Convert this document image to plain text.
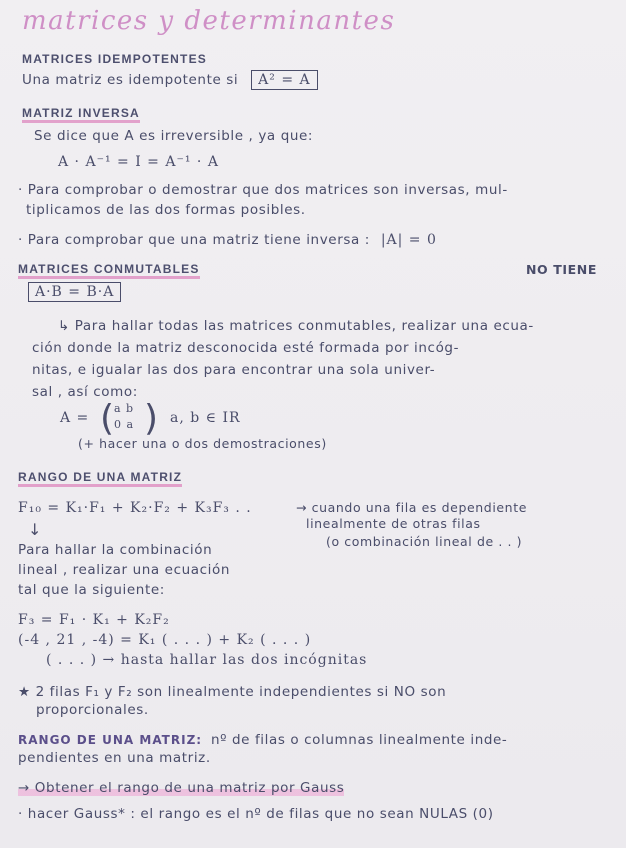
matrices y determinantes
MATRICES IDEMPOTENTES
Una matriz es idempotente si A² = A
MATRIZ INVERSA
Se dice que A es irreversible , ya que:
A · A⁻¹ = I = A⁻¹ · A
· Para comprobar o demostrar que dos matrices son inversas, mul-
tiplicamos de las dos formas posibles.
· Para comprobar que una matriz tiene inversa : |A| = 0
NO TIENE
MATRICES CONMUTABLES
A·B = B·A
↳ Para hallar todas las matrices conmutables, realizar una ecua-
ción donde la matriz desconocida esté formada por incóg-
nitas, e igualar las dos para encontrar una sola univer-
sal , así como:
A = ( a b
0 a ) a, b ∈ IR
(+ hacer una o dos demostraciones)
RANGO DE UNA MATRIZ
F₁₀ = K₁·F₁ + K₂·F₂ + K₃F₃ . .	→ cuando una fila es dependiente
linealmente de otras filas
(o combinación lineal de . . )
↓
Para hallar la combinación
lineal , realizar una ecuación
tal que la siguiente:
F₃ = F₁ · K₁ + K₂F₂
(-4 , 21 , -4) = K₁ ( . . . ) + K₂ ( . . . )
( . . . ) → hasta hallar las dos incógnitas
★ 2 filas F₁ y F₂ son linealmente independientes si NO son
proporcionales.
RANGO DE UNA MATRIZ: nº de filas o columnas linealmente inde-
pendientes en una matriz.
→ Obtener el rango de una matriz por Gauss
· hacer Gauss* : el rango es el nº de filas que no sean NULAS (0)
